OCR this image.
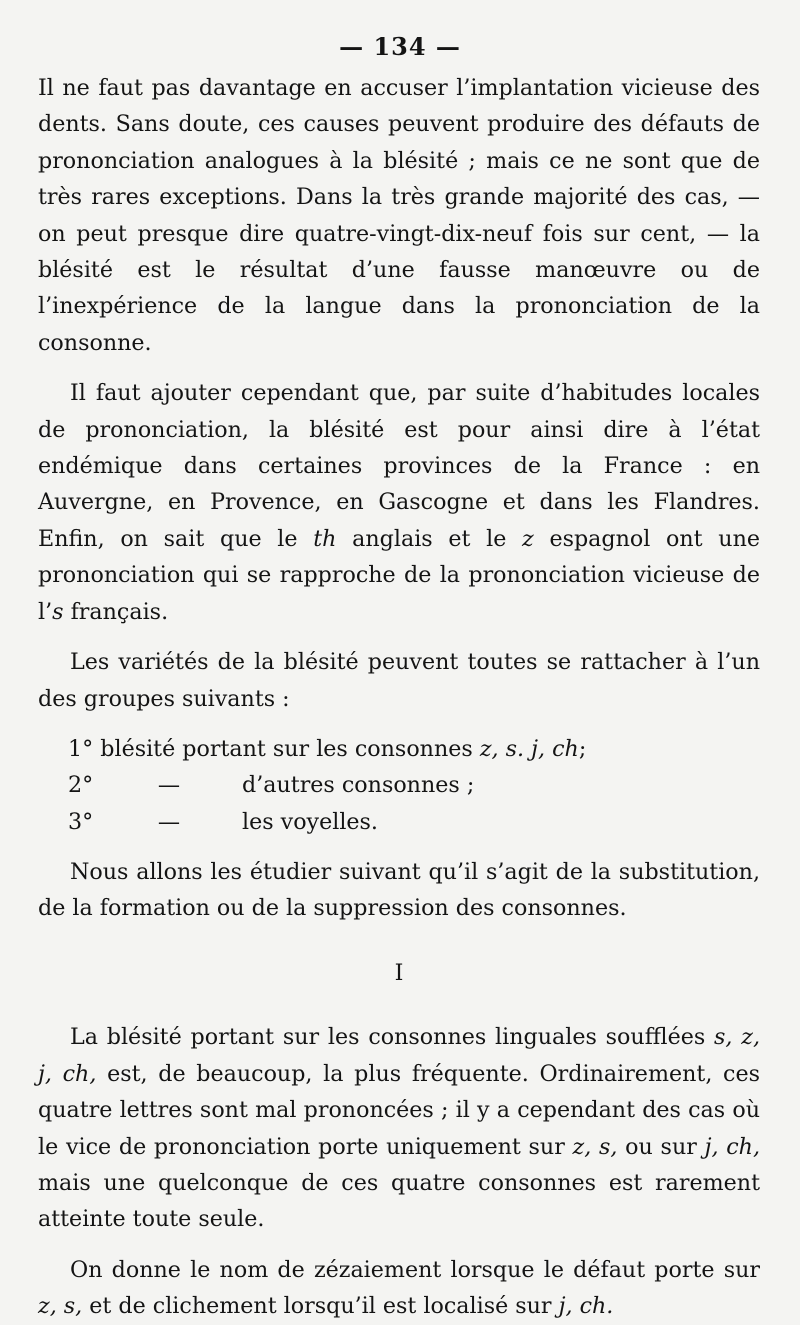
— 134 —

Il ne faut pas davantage en accuser l’implantation vicieuse des dents. Sans doute, ces causes peuvent produire des défauts de prononciation analogues à la blésité ; mais ce ne sont que de très rares exceptions. Dans la très grande majorité des cas, — on peut presque dire quatre-vingt-dix-neuf fois sur cent, — la blésité est le résultat d’une fausse manœuvre ou de l’inexpérience de la langue dans la prononciation de la consonne.

Il faut ajouter cependant que, par suite d’habitudes locales de prononciation, la blésité est pour ainsi dire à l’état endémique dans certaines provinces de la France : en Auvergne, en Provence, en Gascogne et dans les Flandres. Enfin, on sait que le th anglais et le z espagnol ont une prononciation qui se rapproche de la prononciation vicieuse de l’s français.

Les variétés de la blésité peuvent toutes se rattacher à l’un des groupes suivants :

1° blésité portant sur les consonnes z, s. j, ch ;
2°	—	d’autres consonnes ;
3°	—	les voyelles.

Nous allons les étudier suivant qu’il s’agit de la substitution, de la formation ou de la suppression des consonnes.

I

La blésité portant sur les consonnes linguales soufflées s, z, j, ch, est, de beaucoup, la plus fréquente. Ordinairement, ces quatre lettres sont mal prononcées ; il y a cependant des cas où le vice de prononciation porte uniquement sur z, s, ou sur j, ch, mais une quelconque de ces quatre consonnes est rarement atteinte toute seule.

On donne le nom de zézaiement lorsque le défaut porte sur z, s, et de clichement lorsqu’il est localisé sur j, ch.
